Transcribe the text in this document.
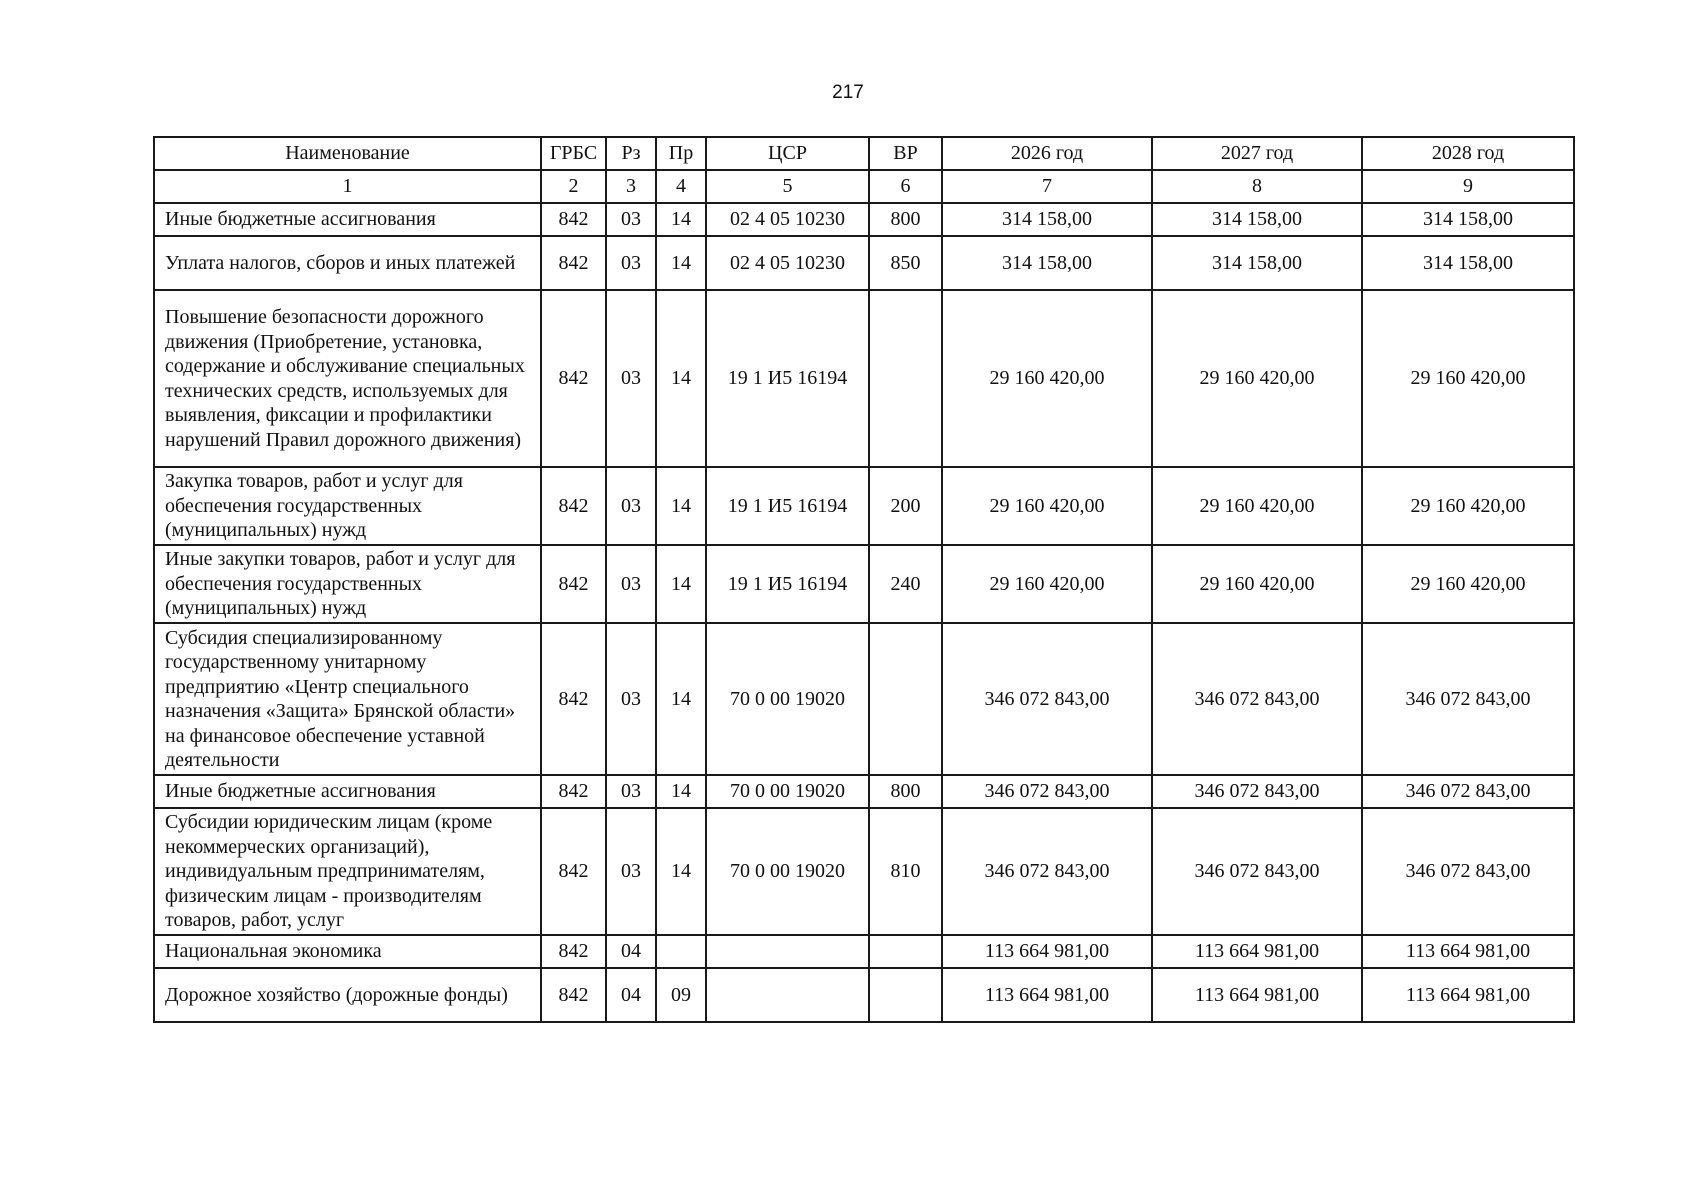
217
Наименование	ГРБС	Рз	Пр	ЦСР	ВР	2026 год	2027 год	2028 год
1	2	3	4	5	6	7	8	9
Иные бюджетные ассигнования	842	03	14	02 4 05 10230	800	314 158,00	314 158,00	314 158,00
Уплата налогов, сборов и иных платежей	842	03	14	02 4 05 10230	850	314 158,00	314 158,00	314 158,00
Повышение безопасности дорожного движения (Приобретение, установка, содержание и обслуживание специальных технических средств, используемых для выявления, фиксации и профилактики нарушений Правил дорожного движения)	842	03	14	19 1 И5 16194		29 160 420,00	29 160 420,00	29 160 420,00
Закупка товаров, работ и услуг для обеспечения государственных (муниципальных) нужд	842	03	14	19 1 И5 16194	200	29 160 420,00	29 160 420,00	29 160 420,00
Иные закупки товаров, работ и услуг для обеспечения государственных (муниципальных) нужд	842	03	14	19 1 И5 16194	240	29 160 420,00	29 160 420,00	29 160 420,00
Субсидия специализированному государственному унитарному предприятию «Центр специального назначения «Защита» Брянской области» на финансовое обеспечение уставной деятельности	842	03	14	70 0 00 19020		346 072 843,00	346 072 843,00	346 072 843,00
Иные бюджетные ассигнования	842	03	14	70 0 00 19020	800	346 072 843,00	346 072 843,00	346 072 843,00
Субсидии юридическим лицам (кроме некоммерческих организаций), индивидуальным предпринимателям, физическим лицам - производителям товаров, работ, услуг	842	03	14	70 0 00 19020	810	346 072 843,00	346 072 843,00	346 072 843,00
Национальная экономика	842	04				113 664 981,00	113 664 981,00	113 664 981,00
Дорожное хозяйство (дорожные фонды)	842	04	09			113 664 981,00	113 664 981,00	113 664 981,00
